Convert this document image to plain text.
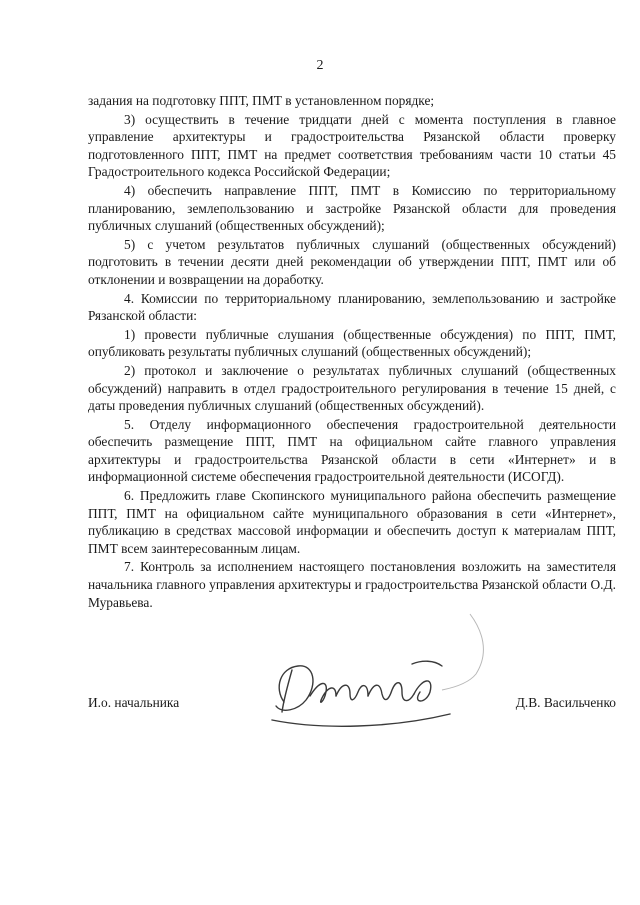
2

задания на подготовку ППТ, ПМТ в установленном порядке;

3) осуществить в течение тридцати дней с момента поступления в главное управление архитектуры и градостроительства Рязанской области проверку подготовленного ППТ, ПМТ на предмет соответствия требованиям части 10 статьи 45 Градостроительного кодекса Российской Федерации;

4) обеспечить направление ППТ, ПМТ в Комиссию по территориальному планированию, землепользованию и застройке Рязанской области для проведения публичных слушаний (общественных обсуждений);

5) с учетом результатов публичных слушаний (общественных обсуждений) подготовить в течении десяти дней рекомендации об утверждении ППТ, ПМТ или об отклонении и возвращении на доработку.

4. Комиссии по территориальному планированию, землепользованию и застройке Рязанской области:

1) провести публичные слушания (общественные обсуждения) по ППТ, ПМТ, опубликовать результаты публичных слушаний (общественных обсуждений);

2) протокол и заключение о результатах публичных слушаний (общественных обсуждений) направить в отдел градостроительного регулирования в течение 15 дней, с даты проведения публичных слушаний (общественных обсуждений).

5. Отделу информационного обеспечения градостроительной деятельности обеспечить размещение ППТ, ПМТ на официальном сайте главного управления архитектуры и градостроительства Рязанской области в сети «Интернет» и в информационной системе обеспечения градостроительной деятельности (ИСОГД).

6. Предложить главе Скопинского муниципального района обеспечить размещение ППТ, ПМТ на официальном сайте муниципального образования в сети «Интернет», публикацию в средствах массовой информации и обеспечить доступ к материалам ППТ, ПМТ всем заинтересованным лицам.

7. Контроль за исполнением настоящего постановления возложить на заместителя начальника главного управления архитектуры и градостроительства Рязанской области О.Д. Муравьева.

И.о. начальника	Д.В. Васильченко
